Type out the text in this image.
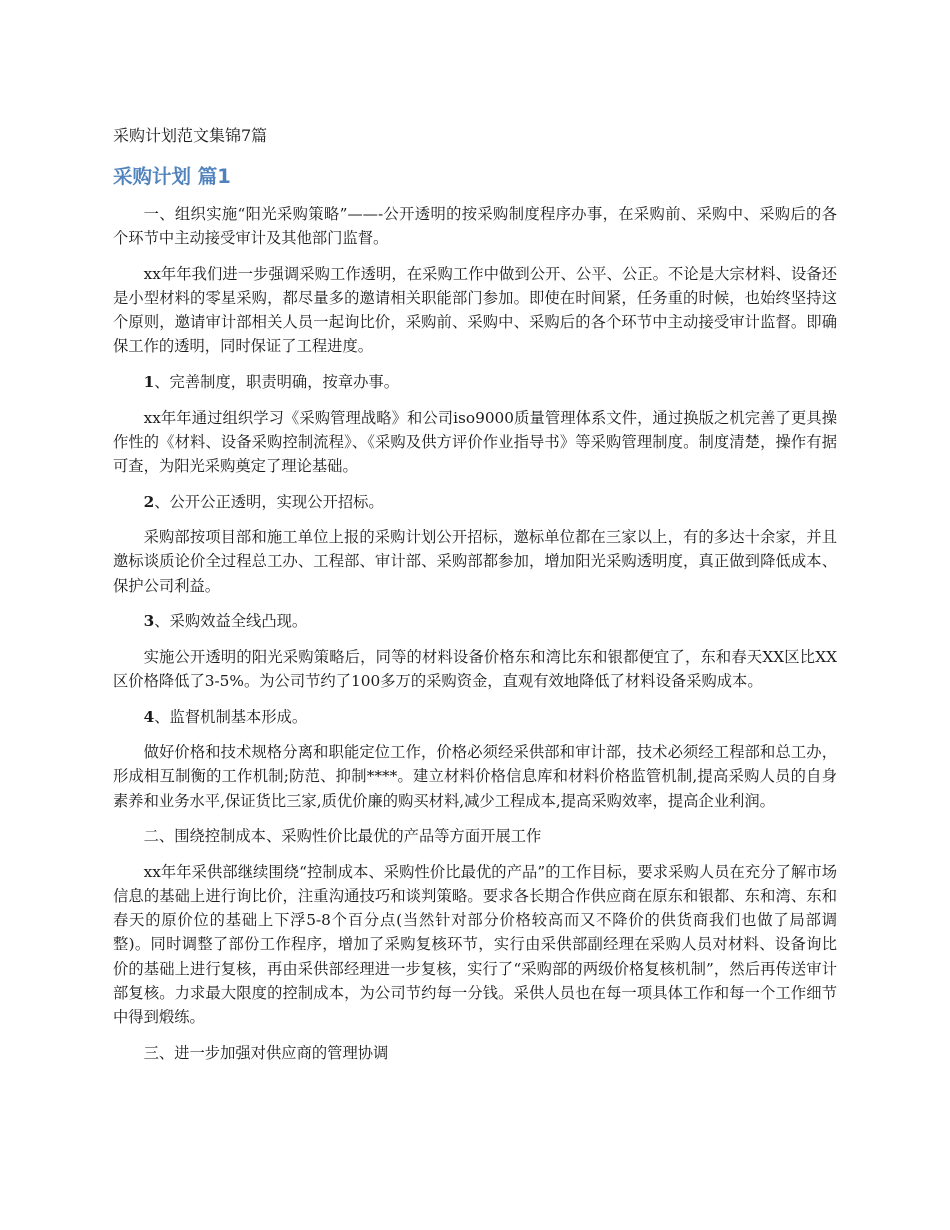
采购计划范文集锦7篇
采购计划 篇1

一、组织实施“阳光采购策略”——-公开透明的按采购制度程序办事，在采购前、采购中、采购后的各个环节中主动接受审计及其他部门监督。

xx年年我们进一步强调采购工作透明，在采购工作中做到公开、公平、公正。不论是大宗材料、设备还是小型材料的零星采购，都尽量多的邀请相关职能部门参加。即使在时间紧，任务重的时候，也始终坚持这个原则，邀请审计部相关人员一起询比价，采购前、采购中、采购后的各个环节中主动接受审计监督。即确保工作的透明，同时保证了工程进度。

1、完善制度，职责明确，按章办事。

xx年年通过组织学习《采购管理战略》和公司iso9000质量管理体系文件，通过换版之机完善了更具操作性的《材料、设备采购控制流程》、《采购及供方评价作业指导书》等采购管理制度。制度清楚，操作有据可查，为阳光采购奠定了理论基础。

2、公开公正透明，实现公开招标。

采购部按项目部和施工单位上报的采购计划公开招标，邀标单位都在三家以上，有的多达十余家，并且邀标谈质论价全过程总工办、工程部、审计部、采购部都参加，增加阳光采购透明度，真正做到降低成本、保护公司利益。

3、采购效益全线凸现。

实施公开透明的阳光采购策略后，同等的材料设备价格东和湾比东和银都便宜了，东和春天XX区比XX区价格降低了3-5%。为公司节约了100多万的采购资金，直观有效地降低了材料设备采购成本。

4、监督机制基本形成。

做好价格和技术规格分离和职能定位工作，价格必须经采供部和审计部，技术必须经工程部和总工办，形成相互制衡的工作机制;防范、抑制****。建立材料价格信息库和材料价格监管机制,提高采购人员的自身素养和业务水平,保证货比三家,质优价廉的购买材料,减少工程成本,提高采购效率，提高企业利润。

二、围绕控制成本、采购性价比最优的产品等方面开展工作

xx年年采供部继续围绕“控制成本、采购性价比最优的产品”的工作目标，要求采购人员在充分了解市场信息的基础上进行询比价，注重沟通技巧和谈判策略。要求各长期合作供应商在原东和银都、东和湾、东和春天的原价位的基础上下浮5-8个百分点(当然针对部分价格较高而又不降价的供货商我们也做了局部调整)。同时调整了部份工作程序，增加了采购复核环节，实行由采供部副经理在采购人员对材料、设备询比价的基础上进行复核，再由采供部经理进一步复核，实行了“采购部的两级价格复核机制”，然后再传送审计部复核。力求最大限度的控制成本，为公司节约每一分钱。采供人员也在每一项具体工作和每一个工作细节中得到煅练。

三、进一步加强对供应商的管理协调
